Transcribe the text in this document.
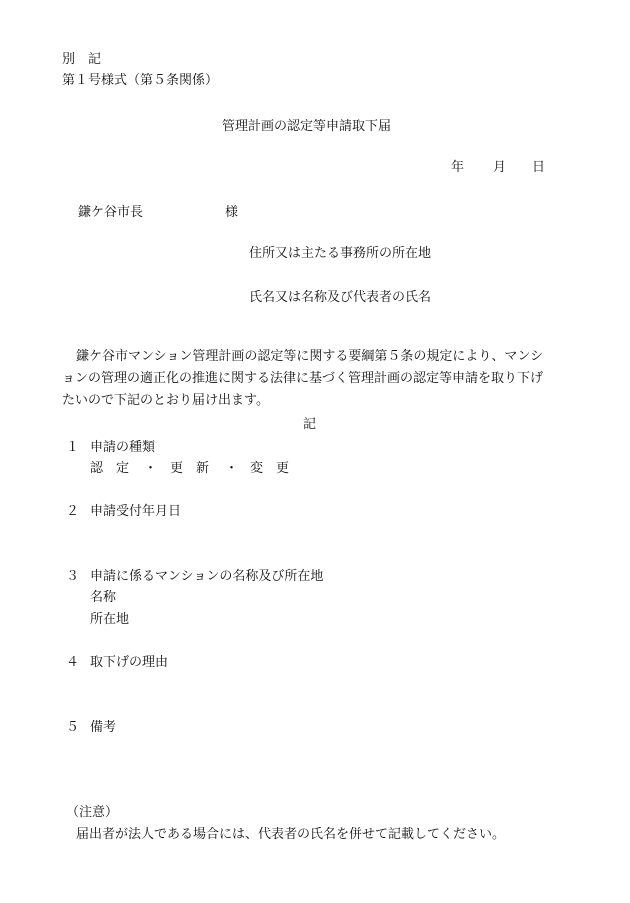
別　記
第１号様式（第５条関係）
管理計画の認定等申請取下届
年 月 日
鎌ケ谷市長	様
住所又は主たる事務所の所在地
氏名又は名称及び代表者の氏名
鎌ケ谷市マンション管理計画の認定等に関する要綱第５条の規定により、マンシ
ョンの管理の適正化の推進に関する法律に基づく管理計画の認定等申請を取り下げ
たいので下記のとおり届け出ます。
記
１ 申請の種類
認　定 ・ 更　新 ・ 変　更
２ 申請受付年月日
３ 申請に係るマンションの名称及び所在地
名称
所在地
４ 取下げの理由
５ 備考
（注意）
届出者が法人である場合には、代表者の氏名を併せて記載してください。
